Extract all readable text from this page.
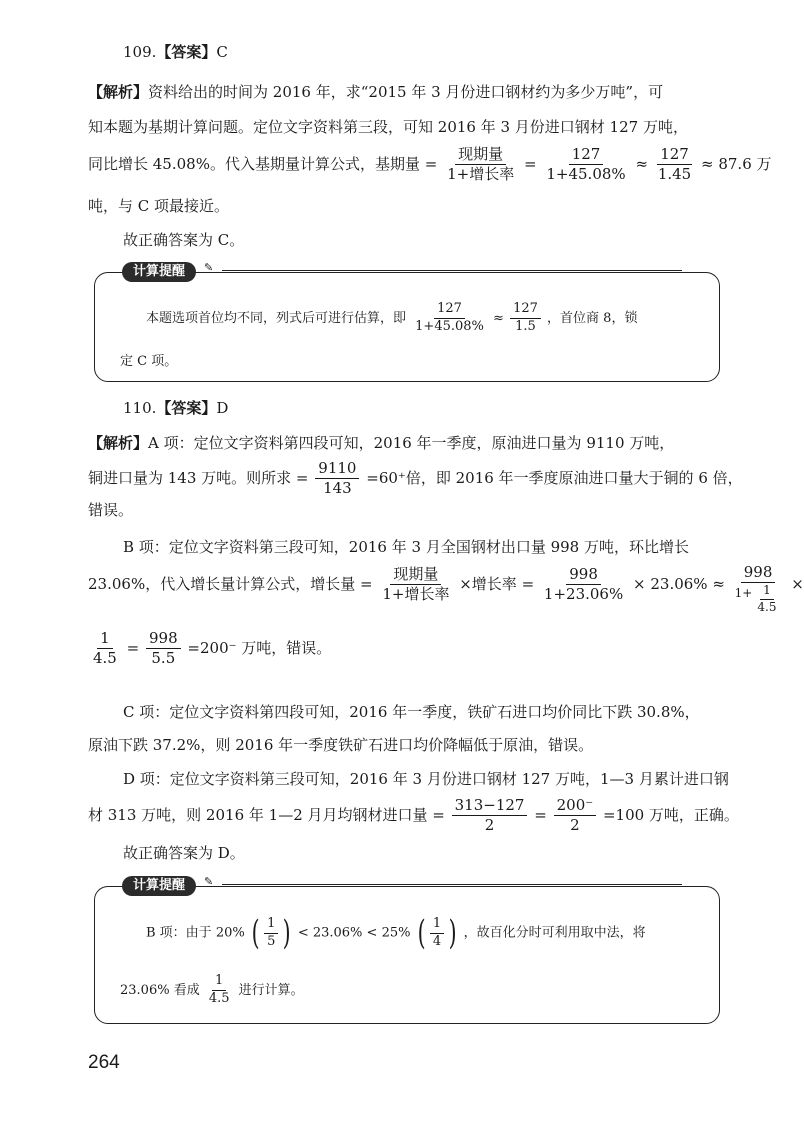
109.【答案】C
【解析】资料给出的时间为 2016 年，求“2015 年 3 月份进口钢材约为多少万吨”，可
知本题为基期计算问题。定位文字资料第三段，可知 2016 年 3 月份进口钢材 127 万吨，
同比增长 45.08%。代入基期量计算公式，基期量 = $\frac{\text{现期量}}{\text{1+增长率}} = \frac{127}{1+45.08\%} \approx \frac{127}{1.45} \approx 87.6$ 万
吨，与 C 项最接近。
故正确答案为 C。
计算提醒	✎
本题选项首位均不同，列式后可进行估算，即 $\frac{127}{1+45.08\%} \approx \frac{127}{1.5}$ ，首位商 8，锁
定 C 项。
110.【答案】D
【解析】A 项：定位文字资料第四段可知，2016 年一季度，原油进口量为 9110 万吨，
铜进口量为 143 万吨。则所求 = $\frac{9110}{143} =60^+$倍，即 2016 年一季度原油进口量大于铜的 6 倍，
错误。
B 项：定位文字资料第三段可知，2016 年 3 月全国钢材出口量 998 万吨，环比增长
23.06%，代入增长量计算公式，增长量 = $\frac{\text{现期量}}{\text{1+增长率}}$ ×增长率 = $\frac{998}{1+23.06\%} \times 23.06\% \approx \frac{998}{1+ \frac{1}{4.5}}$ ×
$\frac{1}{4.5} = \frac{998}{5.5} =200^-$ 万吨，错误。
C 项：定位文字资料第四段可知，2016 年一季度，铁矿石进口均价同比下跌 30.8%，
原油下跌 37.2%，则 2016 年一季度铁矿石进口均价降幅低于原油，错误。
D 项：定位文字资料第三段可知，2016 年 3 月份进口钢材 127 万吨，1—3 月累计进口钢
材 313 万吨，则 2016 年 1—2 月月均钢材进口量 = $\frac{313-127}{2} = \frac{200^-}{2} =100$ 万吨，正确。
故正确答案为 D。
计算提醒	✎
B 项：由于 20% ( $\frac{1}{5}$ ) < 23.06% < 25% ( $\frac{1}{4}$ ) ，故百化分时可利用取中法，将
23.06% 看成 $\frac{1}{4.5}$ 进行计算。
264
